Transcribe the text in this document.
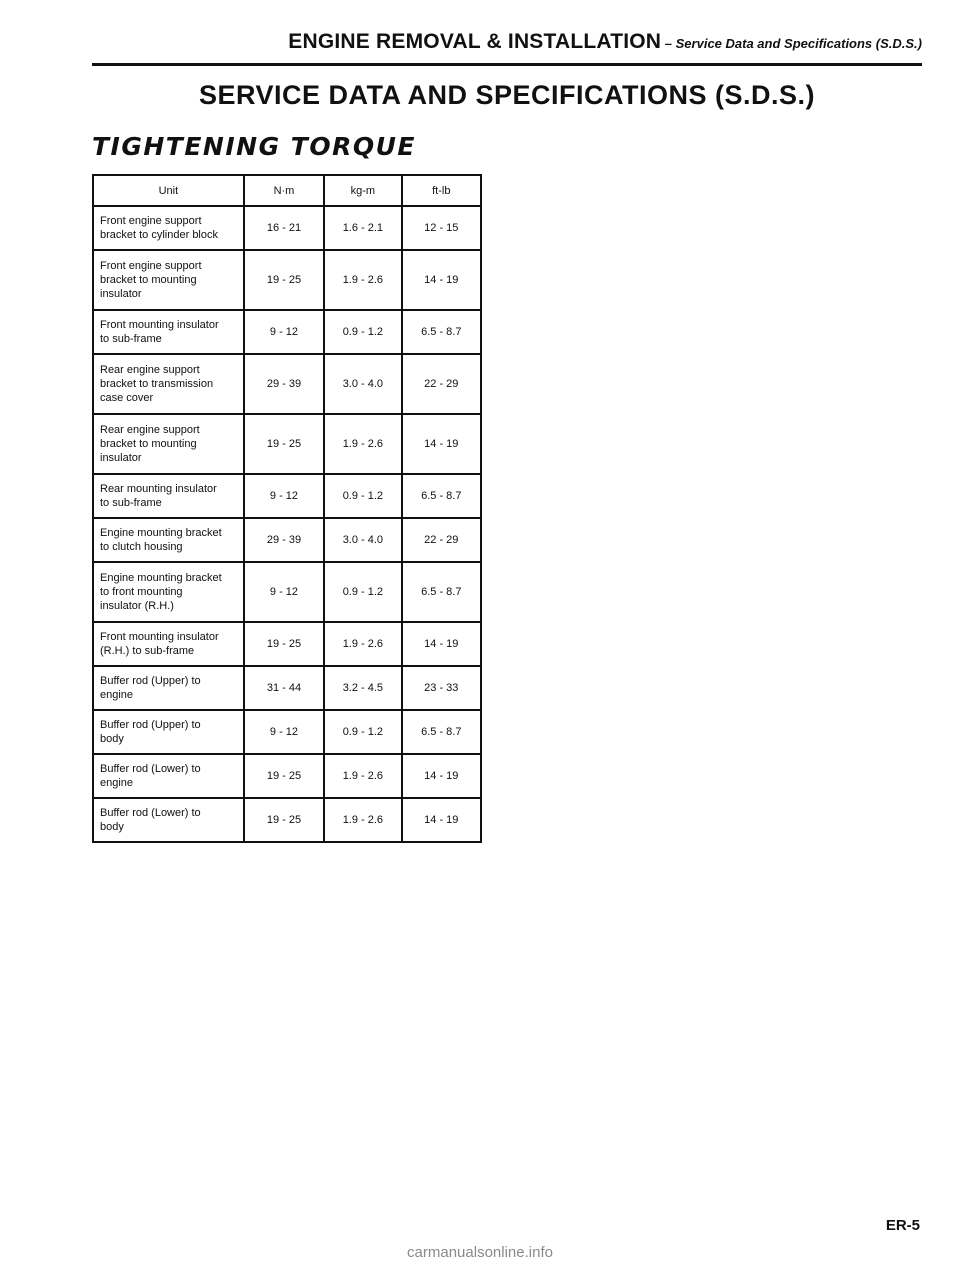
ENGINE REMOVAL & INSTALLATION – Service Data and Specifications (S.D.S.)
SERVICE DATA AND SPECIFICATIONS (S.D.S.)
TIGHTENING TORQUE
Unit	N·m	kg-m	ft-lb
Front engine support
bracket to cylinder block	16 - 21	1.6 - 2.1	12 - 15
Front engine support
bracket to mounting
insulator	19 - 25	1.9 - 2.6	14 - 19
Front mounting insulator
to sub-frame	9 - 12	0.9 - 1.2	6.5 - 8.7
Rear engine support
bracket to transmission
case cover	29 - 39	3.0 - 4.0	22 - 29
Rear engine support
bracket to mounting
insulator	19 - 25	1.9 - 2.6	14 - 19
Rear mounting insulator
to sub-frame	9 - 12	0.9 - 1.2	6.5 - 8.7
Engine mounting bracket
to clutch housing	29 - 39	3.0 - 4.0	22 - 29
Engine mounting bracket
to front mounting
insulator (R.H.)	9 - 12	0.9 - 1.2	6.5 - 8.7
Front mounting insulator
(R.H.) to sub-frame	19 - 25	1.9 - 2.6	14 - 19
Buffer rod (Upper) to
engine	31 - 44	3.2 - 4.5	23 - 33
Buffer rod (Upper) to
body	9 - 12	0.9 - 1.2	6.5 - 8.7
Buffer rod (Lower) to
engine	19 - 25	1.9 - 2.6	14 - 19
Buffer rod (Lower) to
body	19 - 25	1.9 - 2.6	14 - 19
ER-5
carmanualsonline.info
